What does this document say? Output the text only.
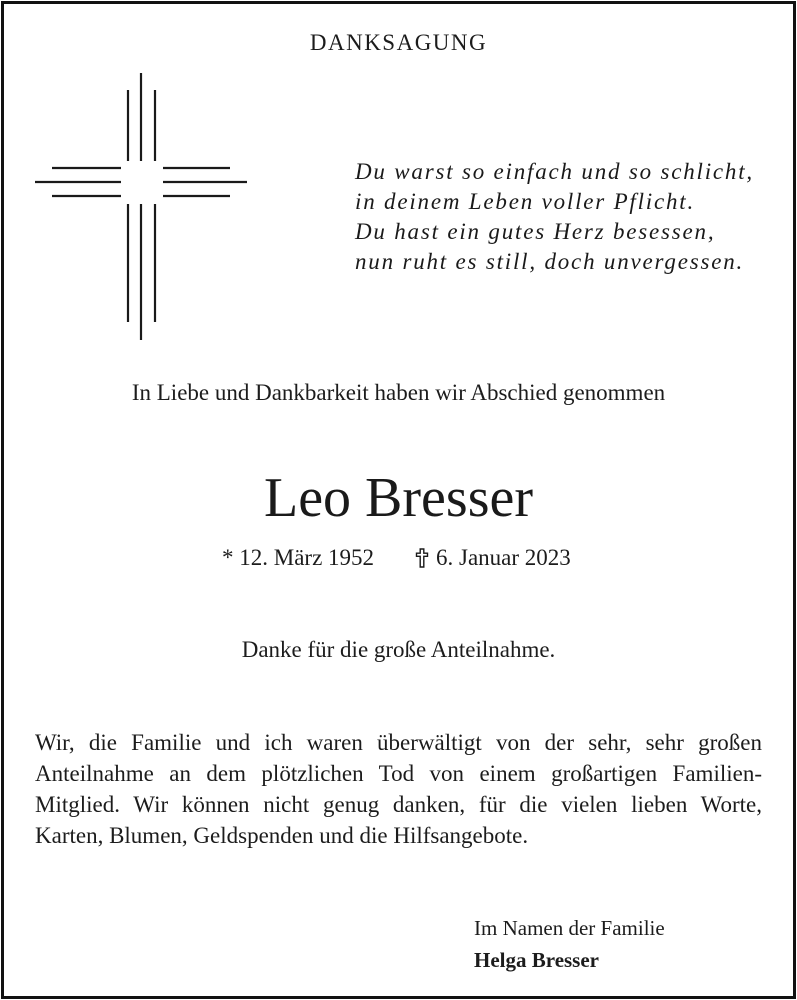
DANKSAGUNG
Du warst so einfach und so schlicht,
in deinem Leben voller Pflicht.
Du hast ein gutes Herz besessen,
nun ruht es still, doch unvergessen.
In Liebe und Dankbarkeit haben wir Abschied genommen
Leo Bresser
* 12. März 1952	6. Januar 2023
Danke für die große Anteilnahme.
Wir, die Familie und ich waren überwältigt von der sehr, sehr großen
Anteilnahme an dem plötzlichen Tod von einem großartigen Familien-
Mitglied. Wir können nicht genug danken, für die vielen lieben Worte,
Karten, Blumen, Geldspenden und die Hilfsangebote.
Im Namen der Familie
Helga Bresser
